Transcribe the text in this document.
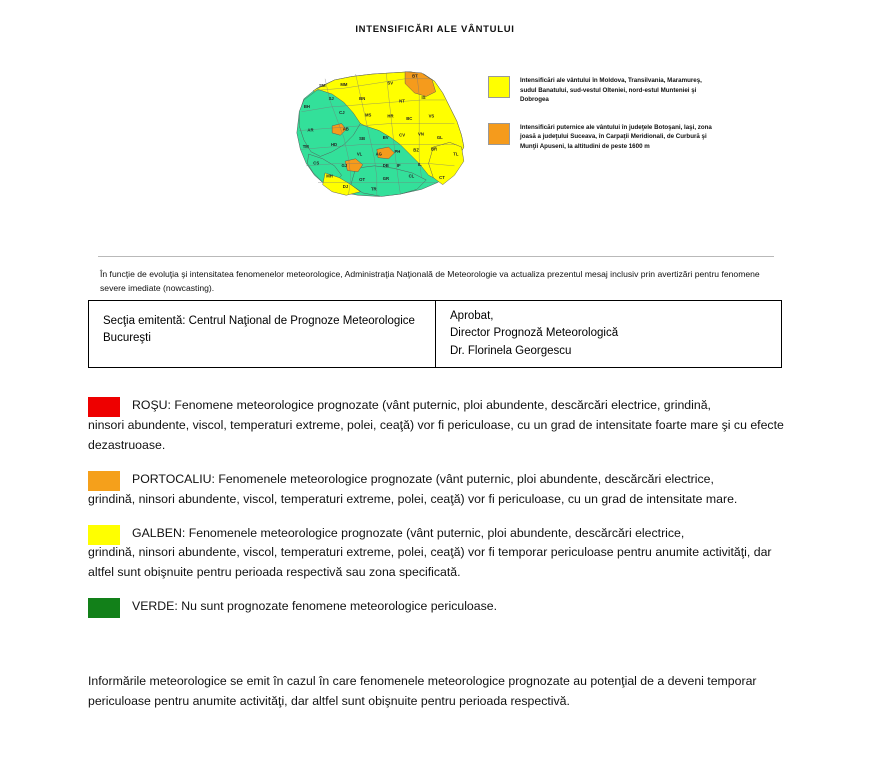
INTENSIFICĂRI ALE VÂNTULUI
SM	MM	SV
BT
BH
SJ	BN	NT
IS
CJ	MS	HR	BC	VS
AR	AB
SB	BV	CV	VN
GL
TM	HD
VL	AG	PH	BZ	BR
TL
CS	GJ	DB IF	IL
MH
OT	GR	CL	CT
DJ	TR
Intensificări ale vântului în Moldova, Transilvania, Maramureş, sudul Banatului, sud-vestul Olteniei, nord-estul Munteniei şi Dobrogea
Intensificări puternice ale vântului în judeţele Botoşani, Iaşi, zona joasă a judeţului Suceava, în Carpaţii Meridionali, de Curbură şi Munţii Apuseni, la altitudini de peste 1600 m
În funcţie de evoluţia şi intensitatea fenomenelor meteorologice, Administraţia Naţională de Meteorologie va actualiza prezentul mesaj inclusiv prin avertizări pentru fenomene severe imediate (nowcasting).
Secţia emitentă: Centrul Naţional de Prognoze Meteorologice Bucureşti
Aprobat,
Director Prognoză Meteorologică
Dr. Florinela Georgescu
ROŞU: Fenomene meteorologice prognozate (vânt puternic, ploi abundente, descărcări electrice, grindină,
ninsori abundente, viscol, temperaturi extreme, polei, ceaţă) vor fi periculoase, cu un grad de intensitate foarte mare şi cu efecte dezastruoase.
PORTOCALIU: Fenomenele meteorologice prognozate (vânt puternic, ploi abundente, descărcări electrice,
grindină, ninsori abundente, viscol, temperaturi extreme, polei, ceaţă) vor fi periculoase, cu un grad de intensitate mare.
GALBEN: Fenomenele meteorologice prognozate (vânt puternic, ploi abundente, descărcări electrice,
grindină, ninsori abundente, viscol, temperaturi extreme, polei, ceaţă) vor fi temporar periculoase pentru anumite activităţi, dar altfel sunt obişnuite pentru perioada respectivă sau zona specificată.
VERDE: Nu sunt prognozate fenomene meteorologice periculoase.
Informările meteorologice se emit în cazul în care fenomenele meteorologice prognozate au potenţial de a deveni temporar periculoase pentru anumite activităţi, dar altfel sunt obişnuite pentru perioada respectivă.
